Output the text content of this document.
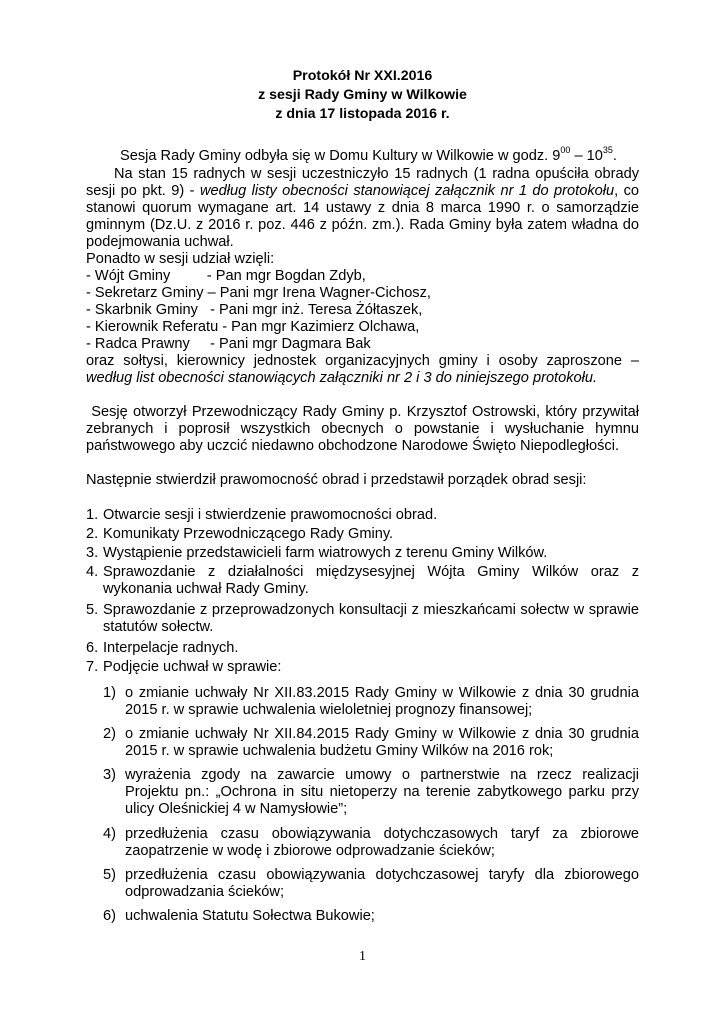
Protokół Nr XXI.2016
z sesji Rady Gminy w Wilkowie
z dnia 17 listopada 2016 r.
Sesja Rady Gminy odbyła się w Domu Kultury w Wilkowie w godz. $9^{00} - 10^{35}$.
Na stan 15 radnych w sesji uczestniczyło 15 radnych (1 radna opuściła obrady sesji po pkt. 9) - według listy obecności stanowiącej załącznik nr 1 do protokołu, co stanowi quorum wymagane art. 14 ustawy z dnia 8 marca 1990 r. o samorządzie gminnym (Dz.U. z 2016 r. poz. 446 z późn. zm.). Rada Gminy była zatem władna do podejmowania uchwał.
Ponadto w sesji udział wzięli:
- Wójt Gminy         - Pan mgr Bogdan Zdyb,
- Sekretarz Gminy – Pani mgr Irena Wagner-Cichosz,
- Skarbnik Gminy   - Pani mgr inż. Teresa Żółtaszek,
- Kierownik Referatu - Pan mgr Kazimierz Olchawa,
- Radca Prawny     - Pani mgr Dagmara Bak
oraz sołtysi, kierownicy jednostek organizacyjnych gminy i osoby zaproszone – według list obecności stanowiących załączniki nr 2 i 3 do niniejszego protokołu.
Sesję otworzył Przewodniczący Rady Gminy p. Krzysztof Ostrowski, który przywitał zebranych i poprosił wszystkich obecnych o powstanie i wysłuchanie hymnu państwowego aby uczcić niedawno obchodzone Narodowe Święto Niepodległości.
Następnie stwierdził prawomocność obrad i przedstawił porządek obrad sesji:
1. Otwarcie sesji i stwierdzenie prawomocności obrad.
2. Komunikaty Przewodniczącego Rady Gminy.
3. Wystąpienie przedstawicieli farm wiatrowych z terenu Gminy Wilków.
4. Sprawozdanie z działalności międzysesyjnej Wójta Gminy Wilków oraz z wykonania uchwał Rady Gminy.
5. Sprawozdanie z przeprowadzonych konsultacji z mieszkańcami sołectw w sprawie statutów sołectw.
6. Interpelacje radnych.
7. Podjęcie uchwał w sprawie:
1) o zmianie uchwały Nr XII.83.2015 Rady Gminy w Wilkowie z dnia 30 grudnia 2015 r. w sprawie uchwalenia wieloletniej prognozy finansowej;
2) o zmianie uchwały Nr XII.84.2015 Rady Gminy w Wilkowie z dnia 30 grudnia 2015 r. w sprawie uchwalenia budżetu Gminy Wilków na 2016 rok;
3) wyrażenia zgody na zawarcie umowy o partnerstwie na rzecz realizacji Projektu pn.: „Ochrona in situ nietoperzy na terenie zabytkowego parku przy ulicy Oleśnickiej 4 w Namysłowie”;
4) przedłużenia czasu obowiązywania dotychczasowych taryf za zbiorowe zaopatrzenie w wodę i zbiorowe odprowadzanie ścieków;
5) przedłużenia czasu obowiązywania dotychczasowej taryfy dla zbiorowego odprowadzania ścieków;
6) uchwalenia Statutu Sołectwa Bukowie;
1
